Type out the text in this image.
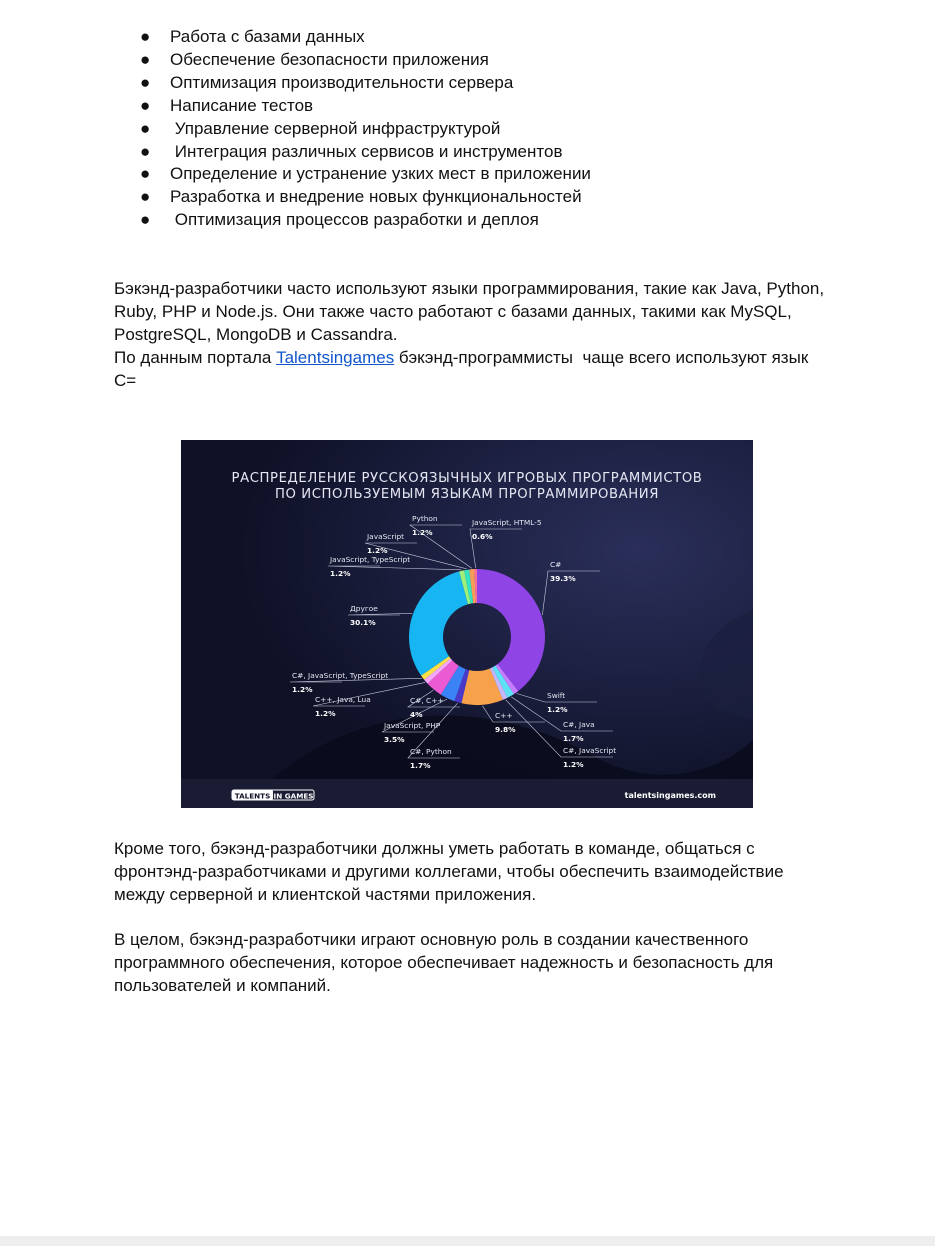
● Работа с базами данных
● Обеспечение безопасности приложения
● Оптимизация производительности сервера
● Написание тестов
● Управление серверной инфраструктурой
● Интеграция различных сервисов и инструментов
● Определение и устранение узких мест в приложении
● Разработка и внедрение новых функциональностей
● Оптимизация процессов разработки и деплоя

Бэкэнд-разработчики часто используют языки программирования, такие как Java, Python, Ruby, PHP и Node.js. Они также часто работают с базами данных, такими как MySQL, PostgreSQL, MongoDB и Cassandra.

По данным портала Talentsingames бэкэнд-программисты  чаще всего используют язык C=

РАСПРЕДЕЛЕНИЕ РУССКОЯЗЫЧНЫХ ИГРОВЫХ ПРОГРАММИСТОВ
ПО ИСПОЛЬЗУЕМЫМ ЯЗЫКАМ ПРОГРАММИРОВАНИЯ
C#
39.3%
Swift
1.2%
C#, Java
1.7%
C#, JavaScript
1.2%
C++
9.8%
C#, Python
1.7%
JavaScript, PHP
3.5%
C#, C++
4%
C++, Java, Lua
1.2%
C#, JavaScript, TypeScript
1.2%
Другое
30.1%
JavaScript, TypeScript
1.2%
JavaScript
1.2%
Python
1.2%
JavaScript, HTML-5
0.6%
TALENTS IN GAMES	talentsingames.com

Кроме того, бэкэнд-разработчики должны уметь работать в команде, общаться с фронтэнд-разработчиками и другими коллегами, чтобы обеспечить взаимодействие между серверной и клиентской частями приложения.

В целом, бэкэнд-разработчики играют основную роль в создании качественного программного обеспечения, которое обеспечивает надежность и безопасность для пользователей и компаний.
